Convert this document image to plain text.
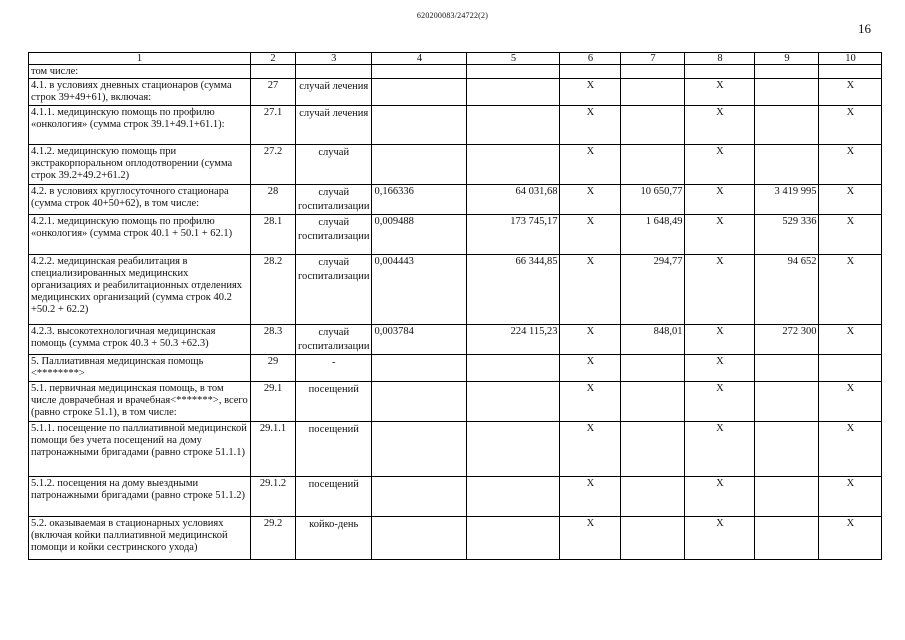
620200083/24722(2)
16
1	2	3	4	5	6	7	8	9	10
том числе:									
4.1. в условиях дневных стационаров (сумма строк 39+49+61), включая:	27	случай лечения			X		X		X
4.1.1. медицинскую помощь по профилю «онкология» (сумма строк 39.1+49.1+61.1):	27.1	случай лечения			X		X		X
4.1.2. медицинскую помощь при экстракорпоральном оплодотворении (сумма строк 39.2+49.2+61.2)	27.2	случай			X		X		X
4.2. в условиях круглосуточного стационара (сумма строк 40+50+62), в том числе:	28	случай госпитализации	0,166336	64 031,68	X	10 650,77	X	3 419 995	X
4.2.1. медицинскую помощь по профилю «онкология» (сумма строк 40.1 + 50.1 + 62.1)	28.1	случай госпитализации	0,009488	173 745,17	X	1 648,49	X	529 336	X
4.2.2. медицинская реабилитация в специализированных медицинских организациях и реабилитационных отделениях медицинских организаций (сумма строк 40.2 +50.2 + 62.2)	28.2	случай госпитализации	0,004443	66 344,85	X	294,77	X	94 652	X
4.2.3. высокотехнологичная медицинская помощь (сумма строк 40.3 + 50.3 +62.3)	28.3	случай госпитализации	0,003784	224 115,23	X	848,01	X	272 300	X
5. Паллиативная медицинская помощь <********>	29	-			X		X		
5.1. первичная медицинская помощь, в том числе доврачебная и врачебная<*******>, всего (равно строке 51.1), в том числе:	29.1	посещений			X		X		X
5.1.1. посещение по паллиативной медицинской помощи без учета посещений на дому патронажными бригадами (равно строке 51.1.1)	29.1.1	посещений			X		X		X
5.1.2. посещения на дому выездными патронажными бригадами (равно строке 51.1.2)	29.1.2	посещений			X		X		X
5.2. оказываемая в стационарных условиях (включая койки паллиативной медицинской помощи и койки сестринского ухода)	29.2	койко-день			X		X		X
